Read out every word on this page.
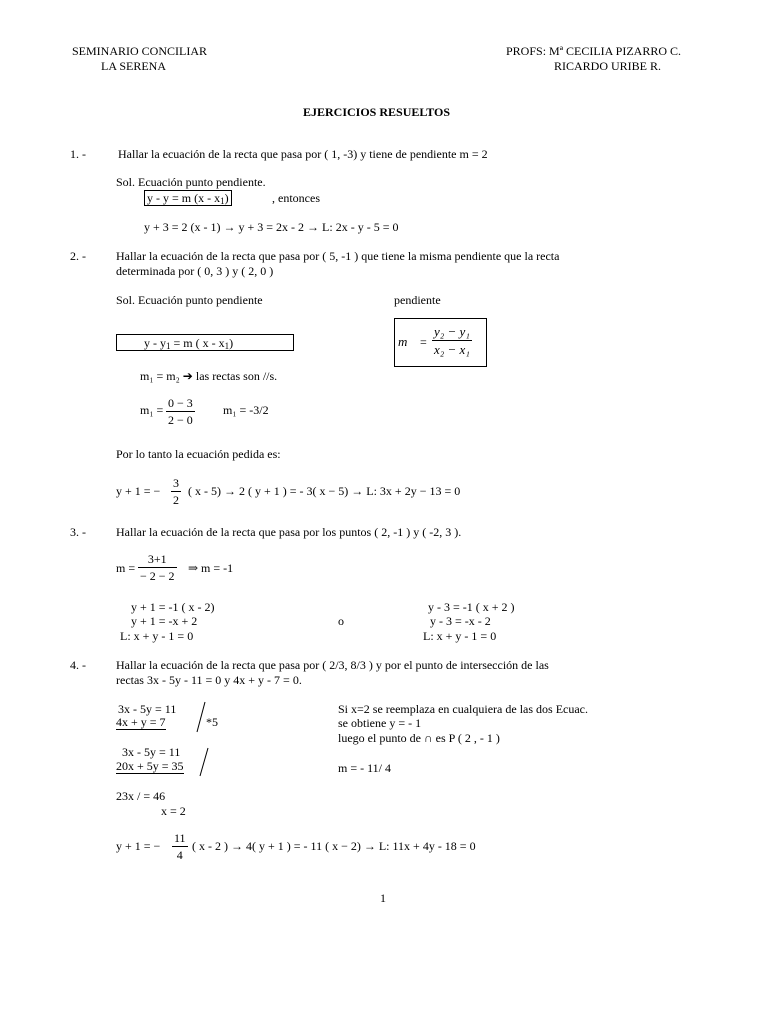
SEMINARIO CONCILIAR
LA SERENA
PROFS: Mª CECILIA PIZARRO C.
RICARDO URIBE R.
EJERCICIOS RESUELTOS
1. -	Hallar la ecuación de la recta que pasa por ( 1, -3) y tiene de pendiente m = 2
Sol. Ecuación punto pendiente.
y - y = m $(x - x_1)$	, entonces
y + 3 = 2 (x - 1) → y + 3 = 2x - 2 → L: 2x - y - 5 = 0
2. -	Hallar la ecuación de la recta que pasa por ( 5, -1 ) que tiene la misma pendiente que la recta
determinada por ( 0, 3 ) y ( 2, 0 )
Sol. Ecuación punto pendiente	pendiente
$y - y_1 = m$ ( x - $x_1$)	$m = \frac{\text{y₂ − y₁}}{\text{x₂ − x₁}}$
m₁ = m₂ ➔ las rectas son //s.
$m_1 = \frac{0 - 3}{2 - 0} m_1 = -3/2$
Por lo tanto la ecuación pedida es:
y + 1 = − $\frac{3}{2}$ ( x - 5) → 2 ( y + 1 ) = - 3( x − 5) → L: 3x + 2y − 13 = 0
3. -	Hallar la ecuación de la recta que pasa por los puntos ( 2, -1 ) y ( -2, 3 ).
$m = \frac{3+1}{- 2 - 2}$ ⇒ m = -1
y + 1 = -1 ( x - 2)
y + 1 = -x + 2
L: x + y - 1 = 0
o
y - 3 = -1 ( x + 2 )
y - 3 = -x - 2
L: x + y - 1 = 0
4. -	Hallar la ecuación de la recta que pasa por ( 2/3, 8/3 ) y por el punto de intersección de las
rectas 3x - 5y - 11 = 0 y 4x + y - 7 = 0.
3x - 5y = 11
4x + y = 7	*5
3x - 5y = 11
20x + 5y = 35
23x / = 46
x = 2
Si x=2 se reemplaza en cualquiera de las dos Ecuac.
se obtiene y = - 1
luego el punto de ∩ es P ( 2 , - 1 )
m = - 11/ 4
y + 1 = − $\frac{11}{4}$ ( x - 2 ) → 4( y + 1 ) = - 11 ( x − 2) → L: 11x + 4y - 18 = 0
1
